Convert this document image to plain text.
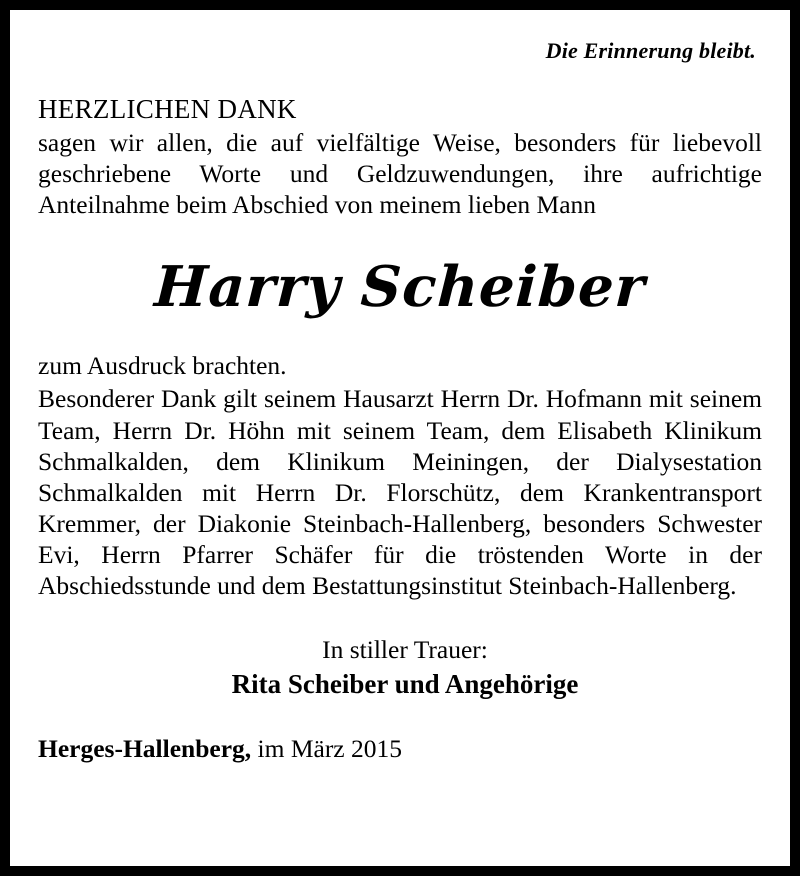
Die Erinnerung bleibt.
HERZLICHEN DANK

sagen wir allen, die auf vielfältige Weise, besonders für liebevoll geschriebene Worte und Geldzuwendungen, ihre aufrichtige Anteilnahme beim Abschied von meinem lieben Mann

Harry Scheiber

zum Ausdruck brachten.

Besonderer Dank gilt seinem Hausarzt Herrn Dr. Hofmann mit seinem Team, Herrn Dr. Höhn mit seinem Team, dem Elisabeth Klinikum Schmalkalden, dem Klinikum Meiningen, der Dialysestation Schmalkalden mit Herrn Dr. Florschütz, dem Krankentransport Kremmer, der Diakonie Steinbach-Hallenberg, besonders Schwester Evi, Herrn Pfarrer Schäfer für die tröstenden Worte in der Abschiedsstunde und dem Bestattungsinstitut Steinbach-Hallenberg.

In stiller Trauer:
Rita Scheiber und Angehörige
Herges-Hallenberg, im März 2015
